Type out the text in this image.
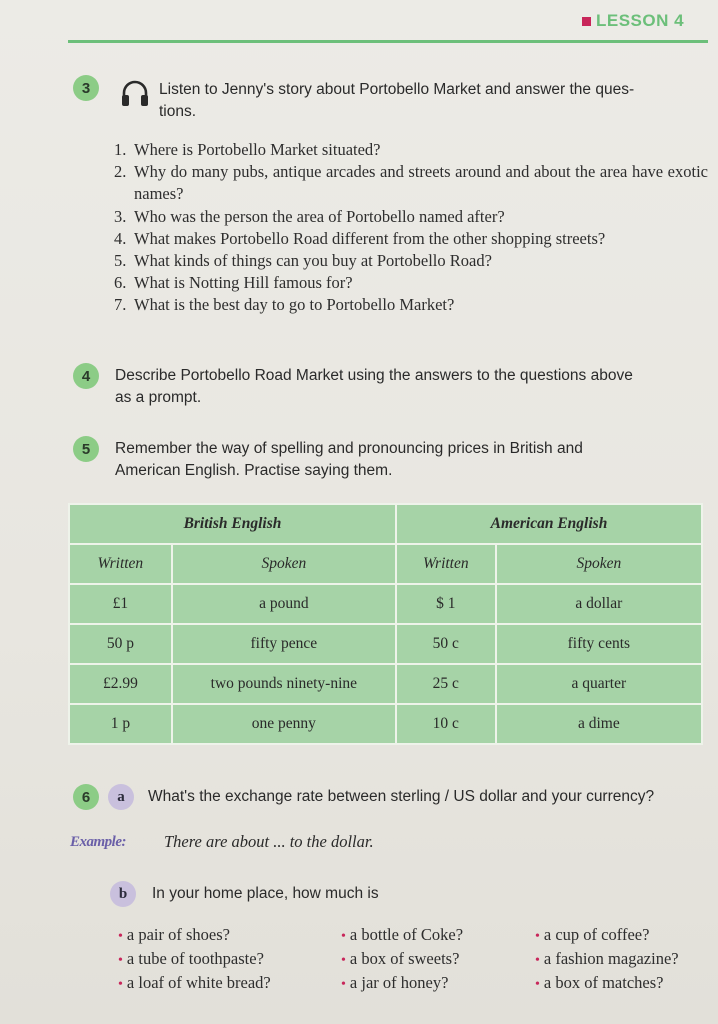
LESSON 4
3	Listen to Jenny's story about Portobello Market and answer the ques-
tions.
1. Where is Portobello Market situated?
2. Why do many pubs, antique arcades and streets around and about the area have exotic names?
3. Who was the person the area of Portobello named after?
4. What makes Portobello Road different from the other shopping streets?
5. What kinds of things can you buy at Portobello Road?
6. What is Notting Hill famous for?
7. What is the best day to go to Portobello Market?
4	Describe Portobello Road Market using the answers to the questions above
as a prompt.
5	Remember the way of spelling and pronouncing prices in British and
American English. Practise saying them.
British English		American English	
Written	Spoken	Written	Spoken
£1	a pound	$ 1	a dollar
50 p	fifty pence	50 c	fifty cents
£2.99	two pounds ninety-nine	25 c	a quarter
1 p	one penny	10 c	a dime
6	a	What's the exchange rate between sterling / US dollar and your currency?
Example:	There are about ... to the dollar.
b	In your home place, how much is
• a pair of shoes?
• a tube of toothpaste?
• a loaf of white bread?
• a bottle of Coke?
• a box of sweets?
• a jar of honey?
• a cup of coffee?
• a fashion magazine?
• a box of matches?
